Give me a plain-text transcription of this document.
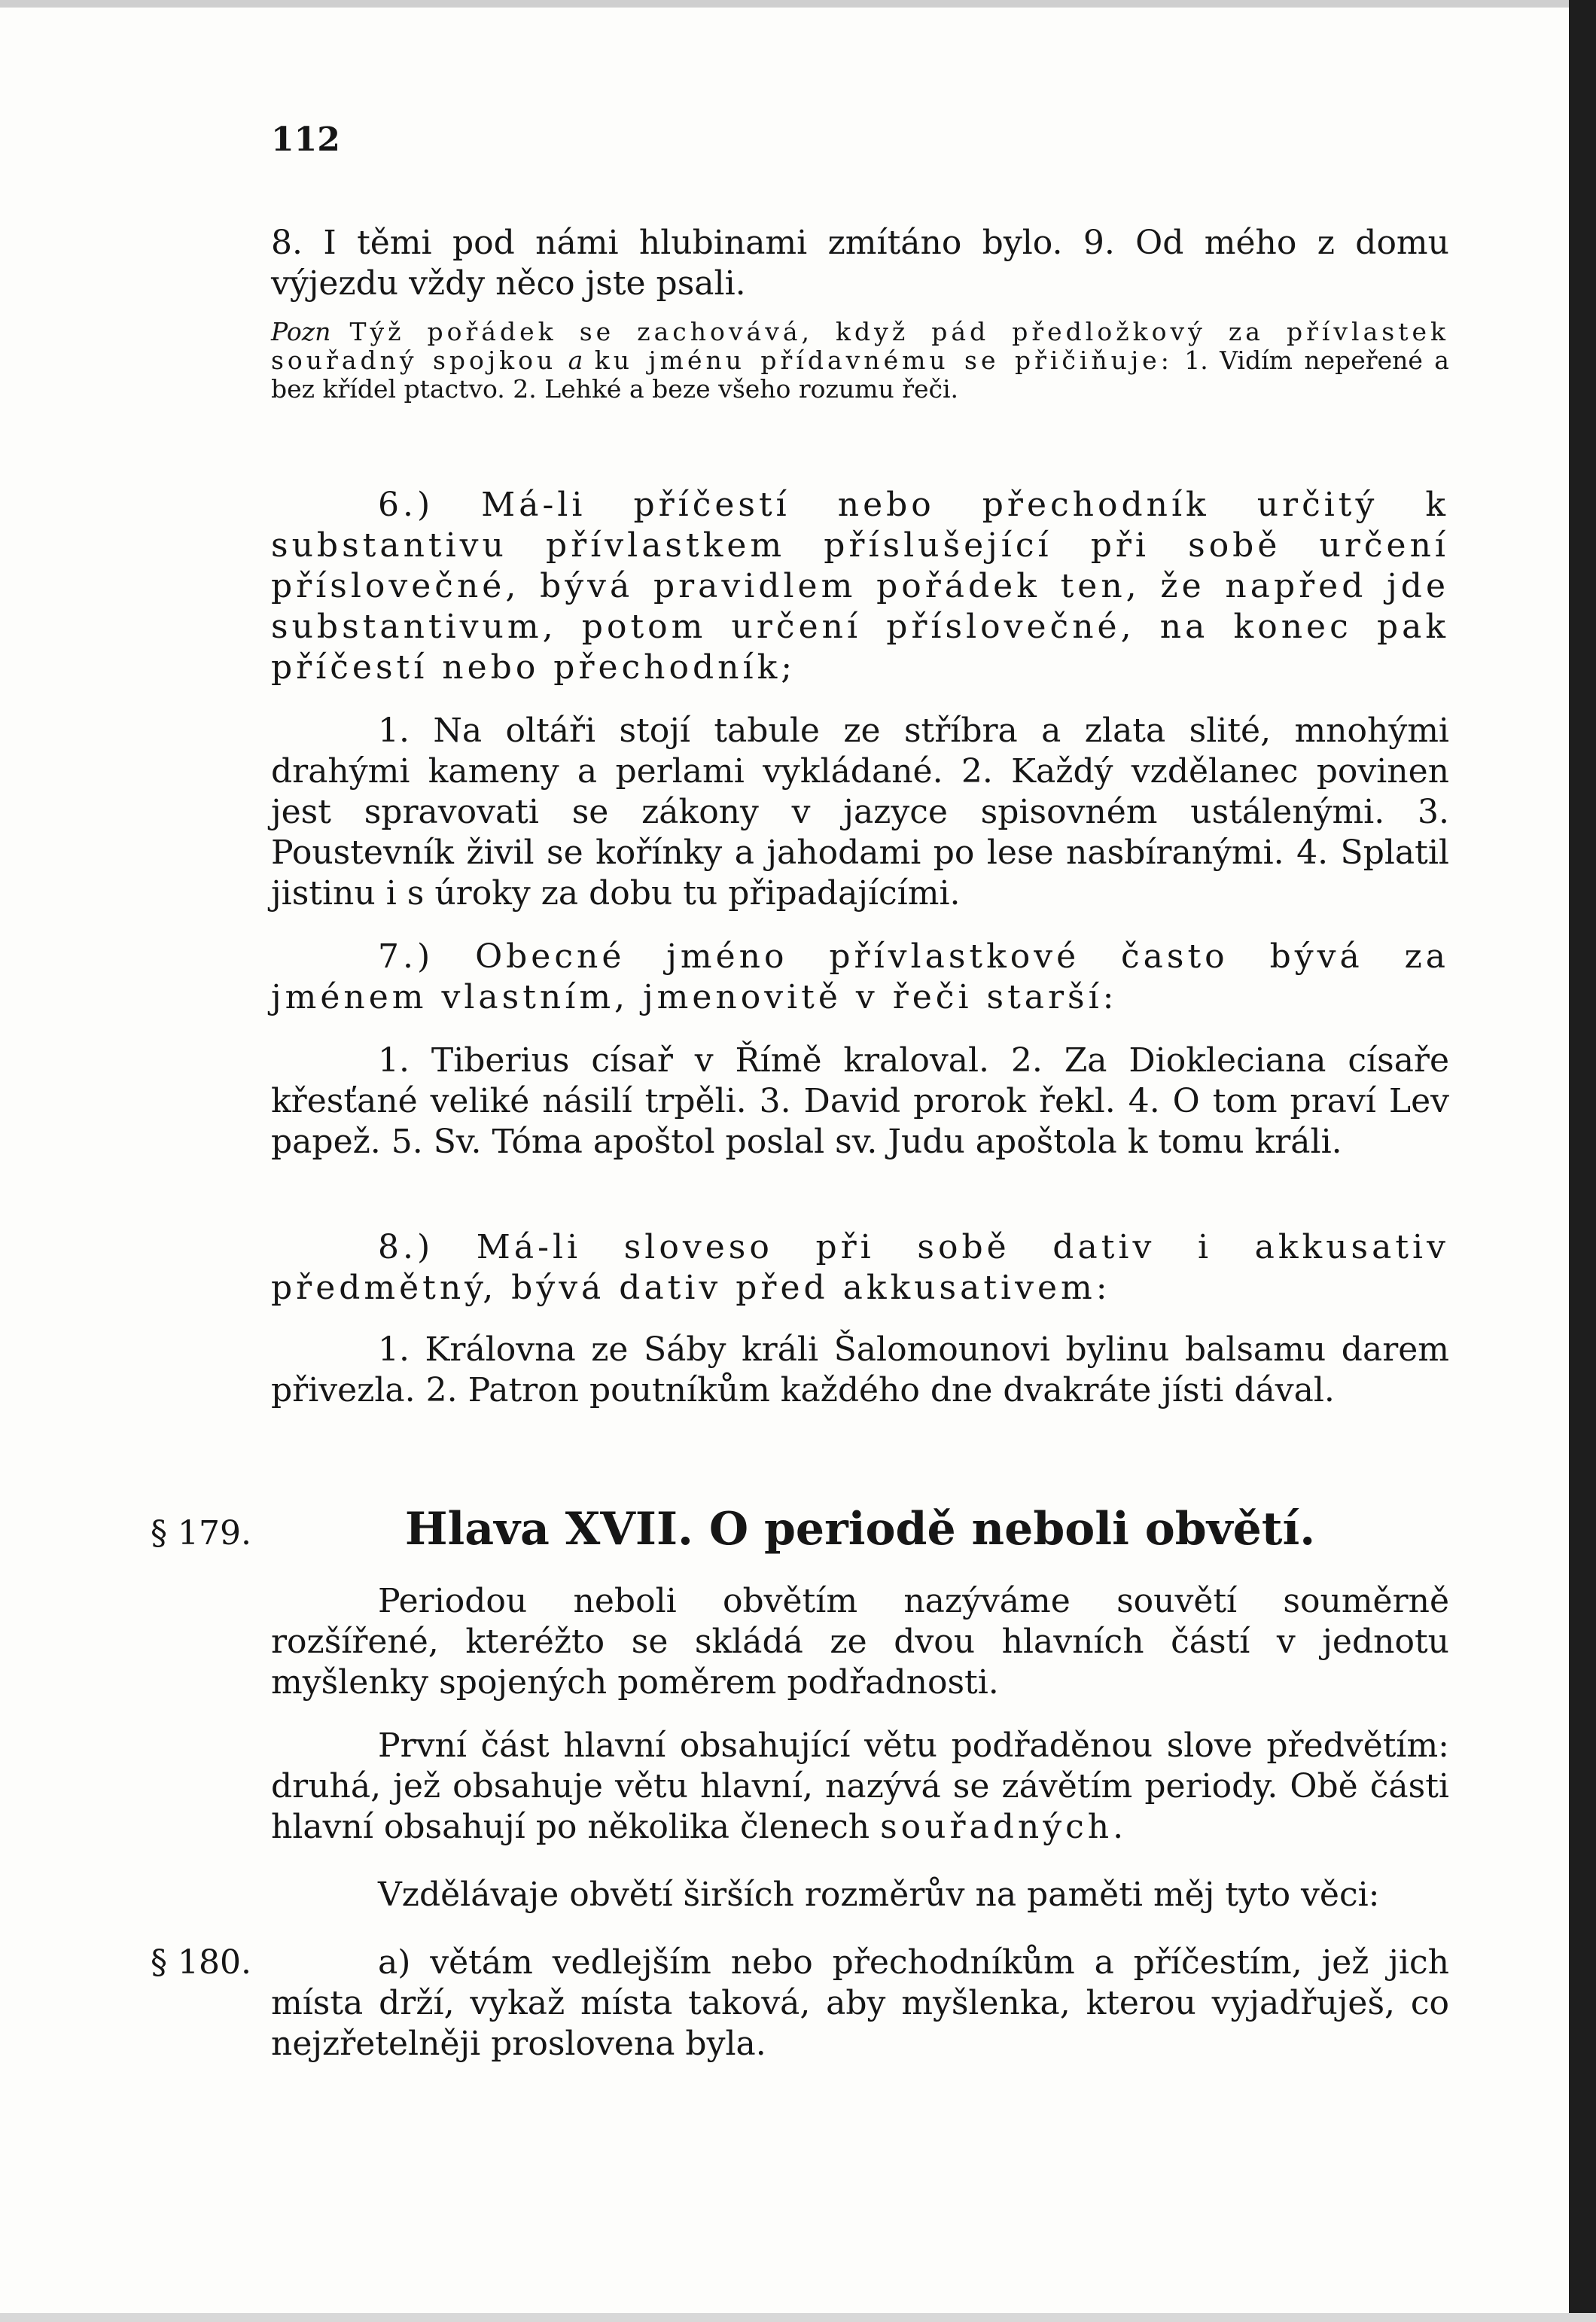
112
8. I těmi pod námi hlubinami zmítáno bylo. 9. Od mého z domu výjezdu vždy něco jste psali.
Pozn Týž pořádek se zachovává, když pád předložkový za přívlastek souřadný spojkou a ku jménu přídavnému se přičiňuje: 1. Vidím nepeřené a bez křídel ptactvo. 2. Lehké a beze všeho rozumu řeči.
6.) Má-li příčestí nebo přechodník určitý k substantivu přívlastkem příslušející při sobě určení příslovečné, bývá pravidlem pořádek ten, že napřed jde substantivum, potom určení příslovečné, na konec pak příčestí nebo přechodník;
1. Na oltáři stojí tabule ze stříbra a zlata slité, mnohými drahými kameny a perlami vykládané. 2. Každý vzdělanec povinen jest spravovati se zákony v jazyce spisovném ustálenými. 3. Poustevník živil se kořínky a jahodami po lese nasbíranými. 4. Splatil jistinu i s úroky za dobu tu připadajícími.
7.) Obecné jméno přívlastkové často bývá za jménem vlastním, jmenovitě v řeči starší:
1. Tiberius císař v Římě kraloval. 2. Za Diokleciana císaře křesťané veliké násilí trpěli. 3. David prorok řekl. 4. O tom praví Lev papež. 5. Sv. Tóma apoštol poslal sv. Judu apoštola k tomu králi.
8.) Má-li sloveso při sobě dativ i akkusativ předmětný, bývá dativ před akkusativem:
1. Královna ze Sáby králi Šalomounovi bylinu balsamu darem přivezla. 2. Patron poutníkům každého dne dvakráte jísti dával.
§ 179.	Hlava XVII. O periodě neboli obvětí.
Periodou neboli obvětím nazýváme souvětí souměrně rozšířené, kteréžto se skládá ze dvou hlavních částí v jednotu myšlenky spojených poměrem podřadnosti.
První část hlavní obsahující větu podřaděnou slove předvětím: druhá, jež obsahuje větu hlavní, nazývá se závětím periody. Obě části hlavní obsahují po několika členech souřadných.
Vzdělávaje obvětí širších rozměrův na paměti měj tyto věci:
§ 180.	a) větám vedlejším nebo přechodníkům a příčestím, jež jich místa drží, vykaž místa taková, aby myšlenka, kterou vyjadřuješ, co nejzřetelněji proslovena byla.
